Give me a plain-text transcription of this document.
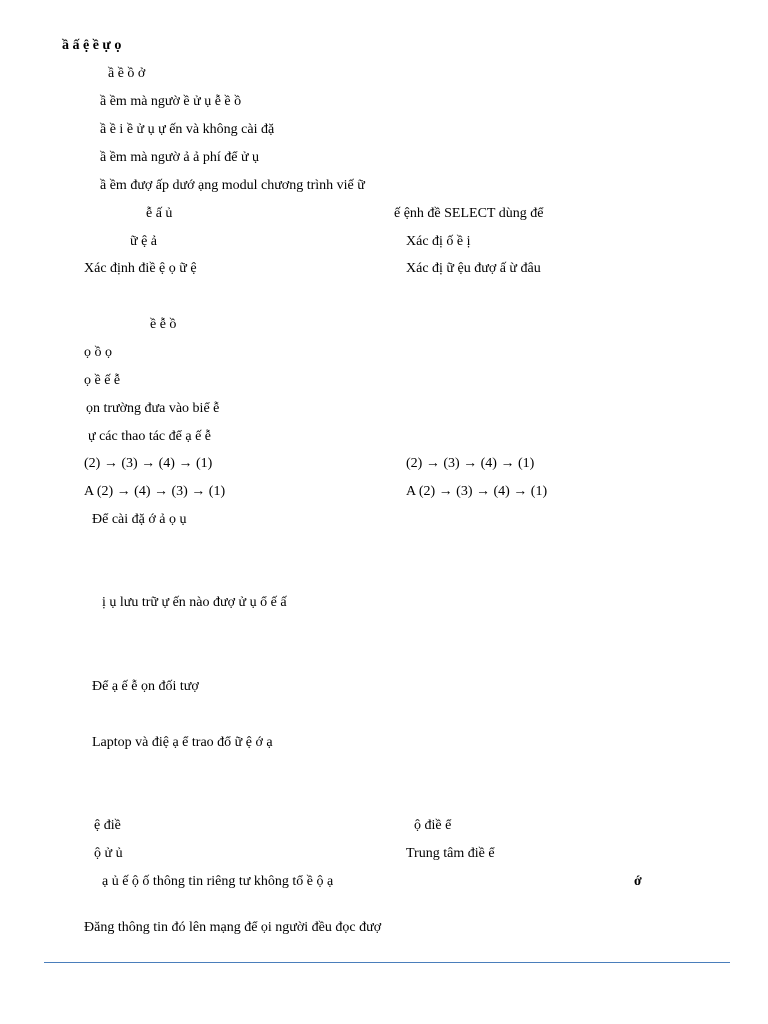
ầ ấ ệ ề ự ọ
ầ ề ồ ở
ầ ềm mà ngườ ề ử ụ ễ ề ồ
ầ ề i ề ử ụ ự ến và không cài đặ
ầ ềm mà ngườ ả ả phí để ử ụ
ầ ềm đượ ấp dướ ạng modul chương trình viế ữ
ễ ấ ủ	ế ệnh đề SELECT dùng để
ữ ệ ả	Xác đị ố ề ị
Xác định điề ệ ọ ữ ệ	Xác đị ữ ệu đượ ấ ừ đâu
ề ễ ồ
ọ ồ ọ
ọ ề ế ễ
ọn trường đưa vào biể ễ
ự các thao tác để ạ ế ễ
(2) → (3) → (4) → (1)	(2) → (3) → (4) → (1)
A (2) → (4) → (3) → (1)	A (2) → (3) → (4) → (1)
Để cài đặ ớ ả ọ ụ
ị ụ lưu trữ ự ến nào đượ ử ụ ổ ế ấ
Để ạ ế ễ ọn đối tượ
Laptop và điệ ạ ể trao đổ ữ ệ ớ ạ
ệ điề	ộ điề ể
ộ ử ủ	Trung tâm điề ể
ạ ủ ế ộ ố thông tin riêng tư không tổ ề ộ ạ	ớ
Đăng thông tin đó lên mạng để ọi người đều đọc đượ
